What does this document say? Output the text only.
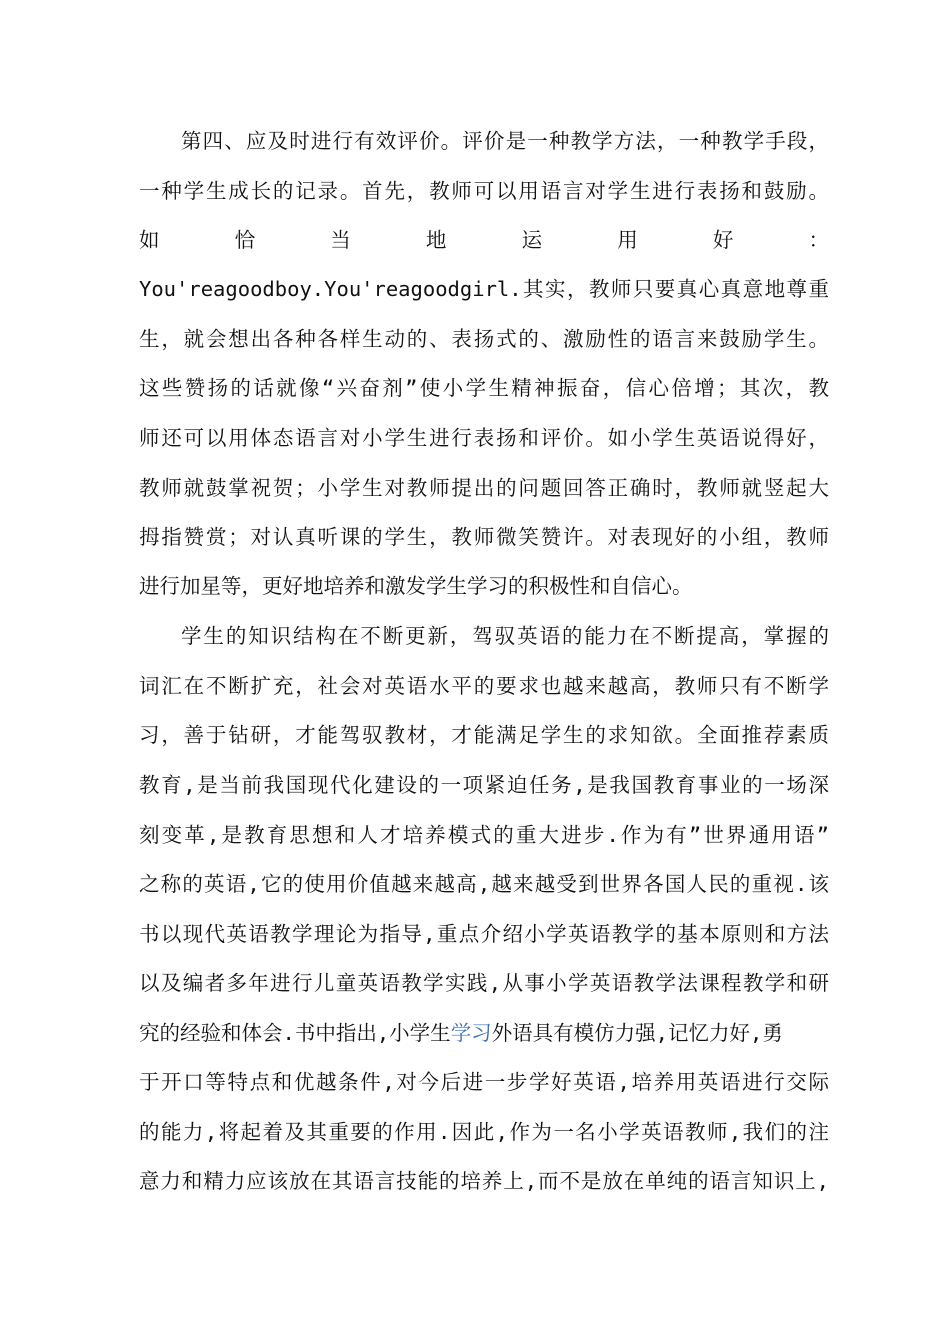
第四、应及时进行有效评价。评价是一种教学方法，一种教学手段，
一种学生成长的记录。首先，教师可以用语言对学生进行表扬和鼓励。
如 恰 当 地 运 用 好 ：
You'reagoodboy.You'reagoodgirl.其实，教师只要真心真意地尊重
生，就会想出各种各样生动的、表扬式的、激励性的语言来鼓励学生。
这些赞扬的话就像“兴奋剂”使小学生精神振奋，信心倍增；其次，教
师还可以用体态语言对小学生进行表扬和评价。如小学生英语说得好，
教师就鼓掌祝贺；小学生对教师提出的问题回答正确时，教师就竖起大
拇指赞赏；对认真听课的学生，教师微笑赞许。对表现好的小组，教师
进行加星等，更好地培养和激发学生学习的积极性和自信心。
学生的知识结构在不断更新，驾驭英语的能力在不断提高，掌握的
词汇在不断扩充，社会对英语水平的要求也越来越高，教师只有不断学
习，善于钻研，才能驾驭教材，才能满足学生的求知欲。全面推荐素质
教育,是当前我国现代化建设的一项紧迫任务,是我国教育事业的一场深
刻变革,是教育思想和人才培养模式的重大进步.作为有”世界通用语”
之称的英语,它的使用价值越来越高,越来越受到世界各国人民的重视.该
书以现代英语教学理论为指导,重点介绍小学英语教学的基本原则和方法
以及编者多年进行儿童英语教学实践,从事小学英语教学法课程教学和研
究的经验和体会.书中指出,小学生学习外语具有模仿力强,记忆力好,勇
于开口等特点和优越条件,对今后进一步学好英语,培养用英语进行交际
的能力,将起着及其重要的作用.因此,作为一名小学英语教师,我们的注
意力和精力应该放在其语言技能的培养上,而不是放在单纯的语言知识上,
